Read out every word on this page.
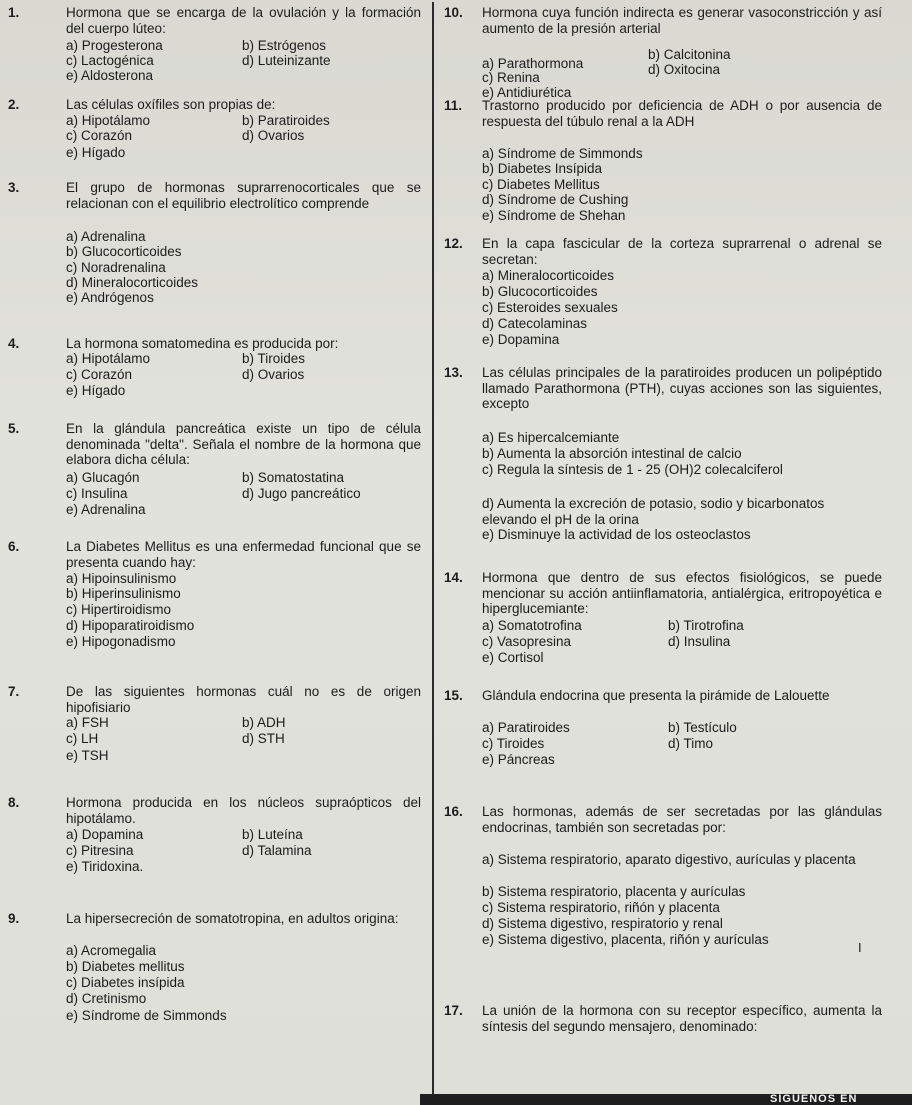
1.	Hormona que se encarga de la ovulación y la formación del cuerpo lúteo:
a) Progesterona	b) Estrógenos
c) Lactogénica	d) Luteinizante
e) Aldosterona
2.	Las células oxífiles son propias de:
a) Hipotálamo	b) Paratiroides
c) Corazón	d) Ovarios
e) Hígado
3.	El grupo de hormonas suprarrenocorticales que se relacionan con el equilibrio electrolítico comprende
a) Adrenalina
b) Glucocorticoides
c) Noradrenalina
d) Mineralocorticoides
e) Andrógenos
4.	La hormona somatomedina es producida por:
a) Hipotálamo	b) Tiroides
c) Corazón	d) Ovarios
e) Hígado
5.	En la glándula pancreática existe un tipo de célula denominada "delta". Señala el nombre de la hormona que elabora dicha célula:
a) Glucagón	b) Somatostatina
c) Insulina	d) Jugo pancreático
e) Adrenalina
6.	La Diabetes Mellitus es una enfermedad funcional que se presenta cuando hay:
a) Hipoinsulinismo
b) Hiperinsulinismo
c) Hipertiroidismo
d) Hipoparatiroidismo
e) Hipogonadismo
7.	De las siguientes hormonas cuál no es de origen hipofisiario
a) FSH	b) ADH
c) LH	d) STH
e) TSH
8.	Hormona producida en los núcleos supraópticos del hipotálamo.
a) Dopamina	b) Luteína
c) Pitresina	d) Talamina
e) Tiridoxina.
9.	La hipersecreción de somatotropina, en adultos origina:
a) Acromegalia
b) Diabetes mellitus
c) Diabetes insípida
d) Cretinismo
e) Síndrome de Simmonds
10. Hormona cuya función indirecta es generar vasoconstricción y así aumento de la presión arterial
a) Parathormona
b) Calcitonina
c) Renina
d) Oxitocina
e) Antidiurética
11. Trastorno producido por deficiencia de ADH o por ausencia de respuesta del túbulo renal a la ADH
a) Síndrome de Simmonds
b) Diabetes Insípida
c) Diabetes Mellitus
d) Síndrome de Cushing
e) Síndrome de Shehan
12. En la capa fascicular de la corteza suprarrenal o adrenal se secretan:
a) Mineralocorticoides
b) Glucocorticoides
c) Esteroides sexuales
d) Catecolaminas
e) Dopamina
13. Las células principales de la paratiroides producen un polipéptido llamado Parathormona (PTH), cuyas acciones son las siguientes, excepto
a) Es hipercalcemiante
b) Aumenta la absorción intestinal de calcio
c) Regula la síntesis de 1 - 25 (OH)2 colecalciferol
d) Aumenta la excreción de potasio, sodio y bicarbonatos elevando el pH de la orina
e) Disminuye la actividad de los osteoclastos
14. Hormona que dentro de sus efectos fisiológicos, se puede mencionar su acción antiinflamatoria, antialérgica, eritropoyética e hiperglucemiante:
a) Somatotrofina	b) Tirotrofina
c) Vasopresina	d) Insulina
e) Cortisol
15. Glándula endocrina que presenta la pirámide de Lalouette
a) Paratiroides	b) Testículo
c) Tiroides	d) Timo
e) Páncreas
16. Las hormonas, además de ser secretadas por las glándulas endocrinas, también son secretadas por:
a) Sistema respiratorio, aparato digestivo, aurículas y placenta
b) Sistema respiratorio, placenta y aurículas
c) Sistema respiratorio, riñón y placenta
d) Sistema digestivo, respiratorio y renal
e) Sistema digestivo, placenta, riñón y aurículas
17. La unión de la hormona con su receptor específico, aumenta la síntesis del segundo mensajero, denominado:
I
SÍGUENOS EN
